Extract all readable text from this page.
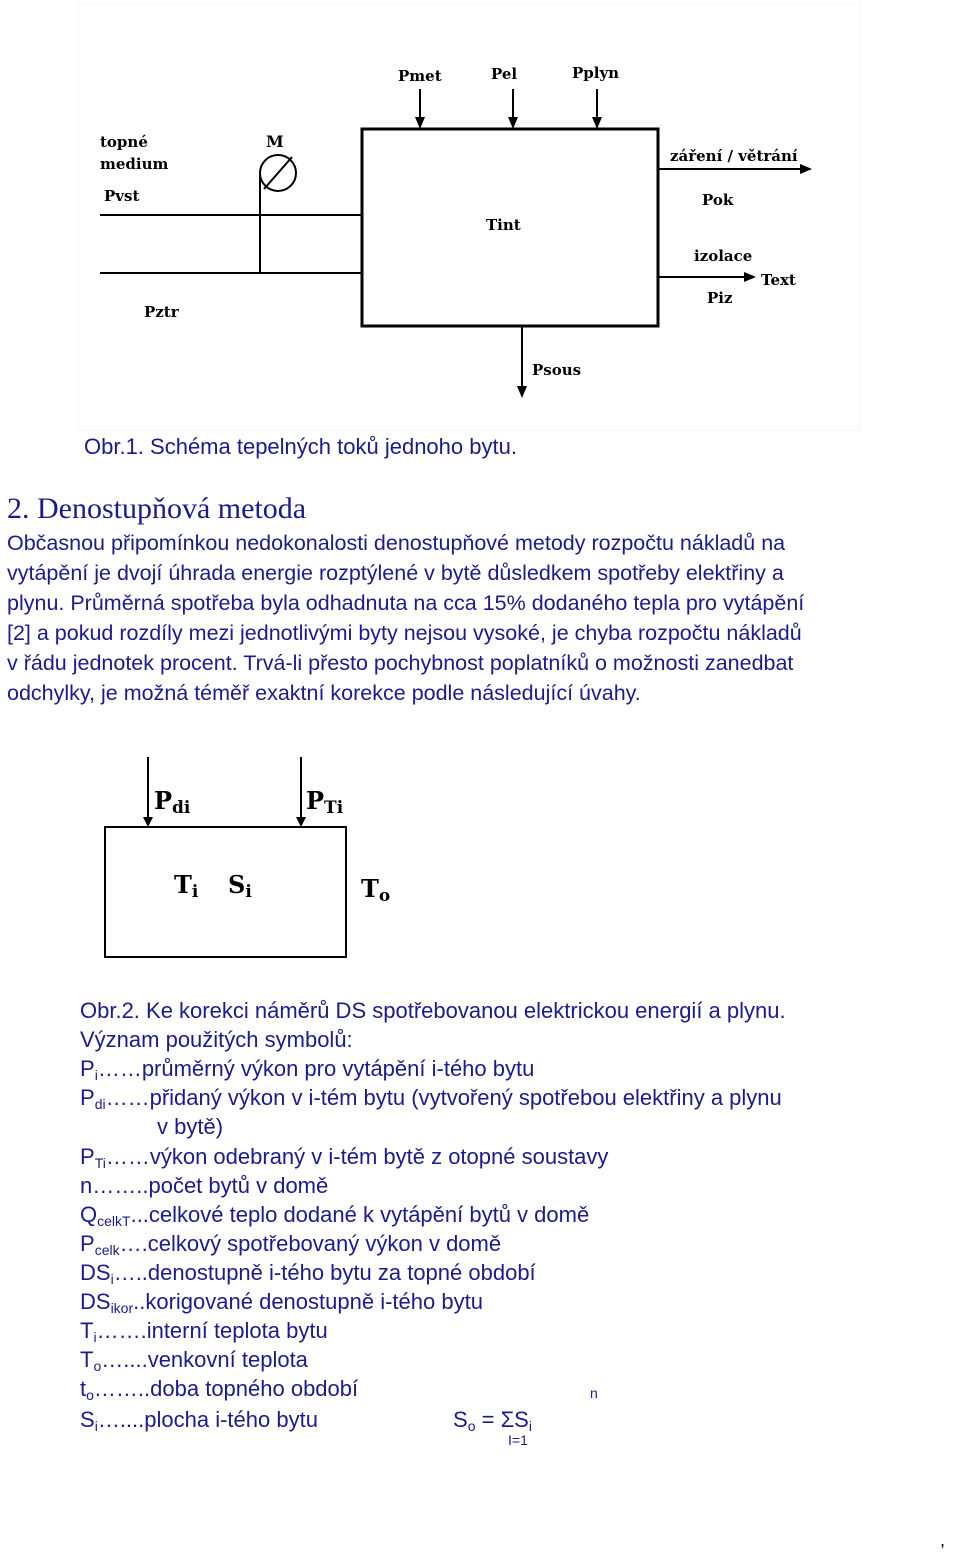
Pmet	Pel	Pplyn
topné
medium
Pvst
M
Pztr
Tint
záření / větrání
Pok
izolace
Text
Piz
Psous
Obr.1. Schéma tepelných toků jednoho bytu.
2. Denostupňová metoda

Občasnou připomínkou nedokonalosti denostupňové metody rozpočtu nákladů na

vytápění je dvojí úhrada energie rozptýlené v bytě důsledkem spotřeby elektřiny a

plynu. Průměrná spotřeba byla odhadnuta na cca 15% dodaného tepla pro vytápění

[2] a pokud rozdíly mezi jednotlivými byty nejsou vysoké, je chyba rozpočtu nákladů

v řádu jednotek procent. Trvá-li přesto pochybnost poplatníků o možnosti zanedbat

odchylky, je možná téměř exaktní korekce podle následující úvahy.

Pdi	PTi
Ti Si	To
Obr.2. Ke korekci náměrů DS spotřebovanou elektrickou energií a plynu.
Význam použitých symbolů:
$P_i\dots\dots průměrný$ výkon pro vytápění i-tého bytu
$P_{di}\dots\dots přidaný$ výkon v i-tém bytu (vytvořený spotřebou elektřiny a plynu
v bytě)
$P_{Ti}\dots\dots výkon$ odebraný v i-tém bytě z otopné soustavy
n……..počet bytů v domě
$Q_{celkT}...celkové$ teplo dodané k vytápění bytů v domě
$P_{celk}\dots.celkový$ spotřebovaný výkon v domě
$DS_i\dots..denostupně$ i-tého bytu za topné období
$DS_{ikor}..korigované$ denostupně i-tého bytu
$T_i\dots\dots.interní$ teplota bytu
$T_o\dots....venkovní$ teplota
$t_o\dots\dots..doba$ topného období
$S_i\dots....plocha$ i-tého bytu	$S_o = \Sigma S_i$
n
I=1
,
